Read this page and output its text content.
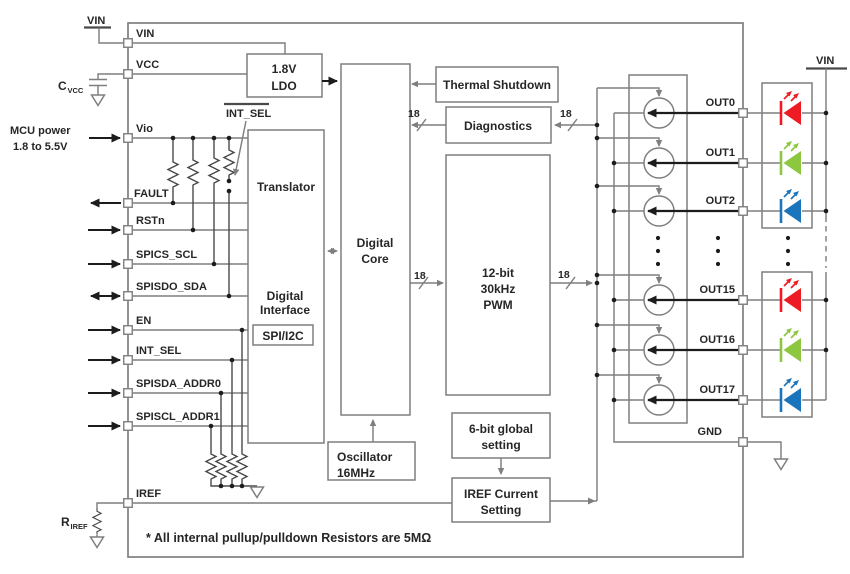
VIN
VIN
VCC
C VCC
MCU power
1.8 to 5.5V
Vio
FAULT
RSTn
SPICS_SCL
SPISDO_SDA
EN
INT_SEL
SPISDA_ADDR0
SPISCL_ADDR1
IREF
R IREF
INT_SEL
1.8V
LDO
Translator
Digital
Interface
SPI/I2C
Digital
Core
Thermal Shutdown
Diagnostics
12-bit
30kHz
PWM
Oscillator
16MHz
6-bit global
setting
IREF Current
Setting
18	18
18	18
OUT0
OUT1
OUT2
OUT15
OUT16
OUT17
GND
VIN
* All internal pullup/pulldown Resistors are 5MΩ
